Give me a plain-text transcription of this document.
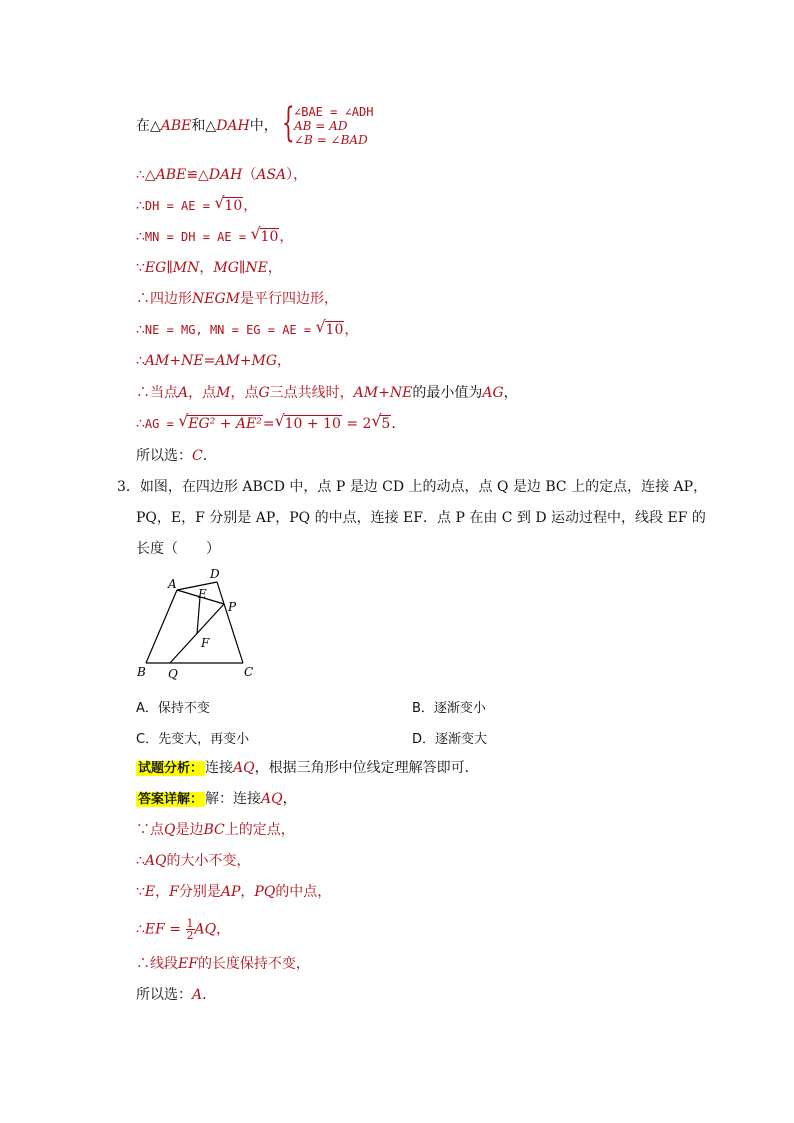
在△ABE和△DAH中， { ∠BAE = ∠ADH
AB = AD
∠B = ∠BAD
∴△ABE≌△DAH（ASA），
∴DH = AE = √ 10，
∴MN = DH = AE = √ 10，
∵EG∥MN，MG∥NE，
∴四边形NEGM是平行四边形，
∴NE = MG, MN = EG = AE = √ 10，
∴AM+NE=AM+MG，
∴当点A，点M，点G三点共线时，AM+NE的最小值为AG，
∴AG = √ EG² + AE²= √ 10 + 10 = 2 √ 5.
所以选：C.
3．如图，在四边形 ABCD 中，点 P 是边 CD 上的动点，点 Q 是边 BC 上的定点，连接 AP，
PQ，E，F 分别是 AP，PQ 的中点，连接 EF．点 P 在由 C 到 D 运动过程中，线段 EF 的
长度（　　）
A
D
E
P
F
B Q	C
A．保持不变	B．逐渐变小
C．先变大，再变小	D．逐渐变大
试题分析： 连接AQ，根据三角形中位线定理解答即可．
答案详解： 解：连接AQ，
∵点Q是边BC上的定点，
∴AQ的大小不变，
∵E，F分别是AP，PQ的中点，
∴EF = $\frac{1}{2}$ AQ，
∴线段EF的长度保持不变，
所以选：A.
